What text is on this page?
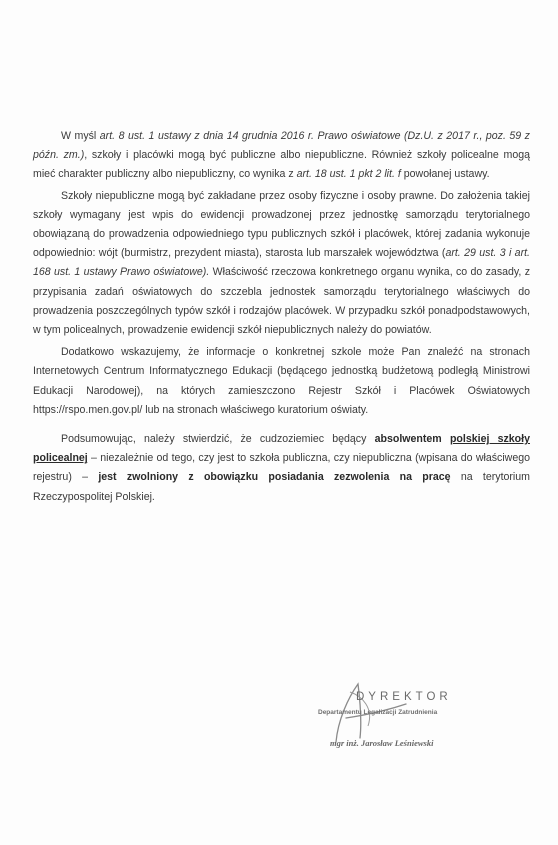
W myśl art. 8 ust. 1 ustawy z dnia 14 grudnia 2016 r. Prawo oświatowe (Dz.U. z 2017 r., poz. 59 z późn. zm.), szkoły i placówki mogą być publiczne albo niepubliczne. Również szkoły policealne mogą mieć charakter publiczny albo niepubliczny, co wynika z art. 18 ust. 1 pkt 2 lit. f powołanej ustawy.

Szkoły niepubliczne mogą być zakładane przez osoby fizyczne i osoby prawne. Do założenia takiej szkoły wymagany jest wpis do ewidencji prowadzonej przez jednostkę samorządu terytorialnego obowiązaną do prowadzenia odpowiedniego typu publicznych szkół i placówek, której zadania wykonuje odpowiednio: wójt (burmistrz, prezydent miasta), starosta lub marszałek województwa (art. 29 ust. 3 i art. 168 ust. 1 ustawy Prawo oświatowe). Właściwość rzeczowa konkretnego organu wynika, co do zasady, z przypisania zadań oświatowych do szczebla jednostek samorządu terytorialnego właściwych do prowadzenia poszczególnych typów szkół i rodzajów placówek. W przypadku szkół ponadpodstawowych, w tym policealnych, prowadzenie ewidencji szkół niepublicznych należy do powiatów.

Dodatkowo wskazujemy, że informacje o konkretnej szkole może Pan znaleźć na stronach Internetowych Centrum Informatycznego Edukacji (będącego jednostką budżetową podległą Ministrowi Edukacji Narodowej), na których zamieszczono Rejestr Szkół i Placówek Oświatowych https://rspo.men.gov.pl/ lub na stronach właściwego kuratorium oświaty.

Podsumowując, należy stwierdzić, że cudzoziemiec będący absolwentem polskiej szkoły policealnej – niezależnie od tego, czy jest to szkoła publiczna, czy niepubliczna (wpisana do właściwego rejestru) – jest zwolniony z obowiązku posiadania zezwolenia na pracę na terytorium Rzeczypospolitej Polskiej.

DYREKTOR
Departamentu Legalizacji Zatrudnienia
mgr inż. Jarosław Leśniewski
